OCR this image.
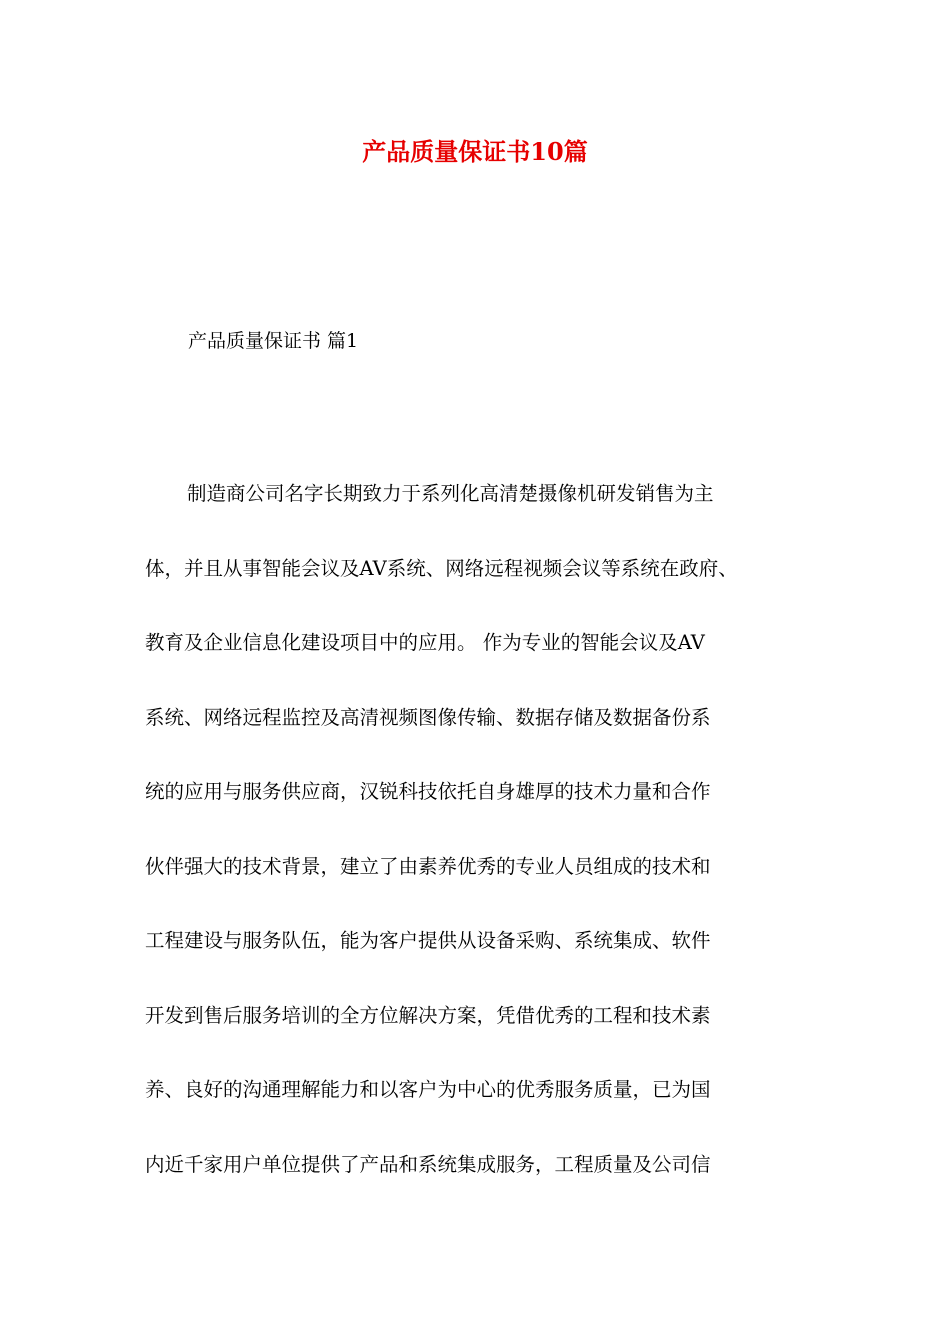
产品质量保证书10篇
产品质量保证书 篇1
制造商公司名字长期致力于系列化高清楚摄像机研发销售为主
体，并且从事智能会议及AV系统、网络远程视频会议等系统在政府、
教育及企业信息化建设项目中的应用。 作为专业的智能会议及AV
系统、网络远程监控及高清视频图像传输、数据存储及数据备份系
统的应用与服务供应商，汉锐科技依托自身雄厚的技术力量和合作
伙伴强大的技术背景，建立了由素养优秀的专业人员组成的技术和
工程建设与服务队伍，能为客户提供从设备采购、系统集成、软件
开发到售后服务培训的全方位解决方案，凭借优秀的工程和技术素
养、良好的沟通理解能力和以客户为中心的优秀服务质量，已为国
内近千家用户单位提供了产品和系统集成服务，工程质量及公司信
